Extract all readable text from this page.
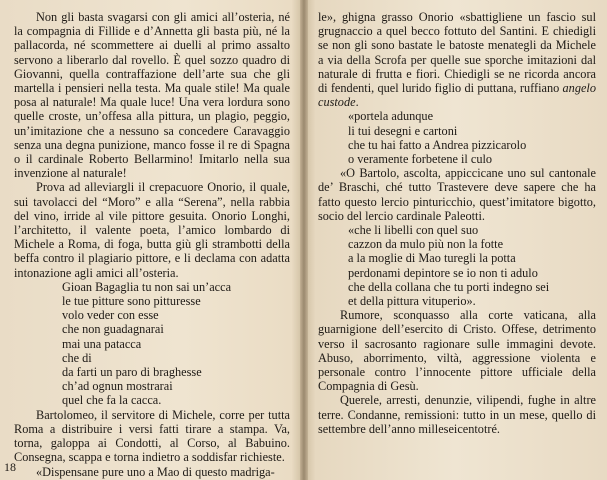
Non gli basta svagarsi con gli amici all’osteria, né la compagnia di Fillide e d’Annetta gli basta più, né la pallacorda, né scommettere ai duelli al primo assalto servono a liberarlo dal rovello. È quel sozzo quadro di Giovanni, quella contraffazione dell’arte sua che gli martella i pensieri nella testa. Ma quale stile! Ma quale posa al naturale! Ma quale luce! Una vera lordura sono quelle croste, un’offesa alla pittura, un plagio, peggio, un’imitazione che a nessuno sa concedere Caravaggio senza una degna punizione, manco fosse il re di Spagna o il cardinale Roberto Bellarmino! Imitarlo nella sua invenzione al naturale!

Prova ad alleviargli il crepacuore Onorio, il quale, sui tavolacci del “Moro” e alla “Serena”, nella rabbia del vino, irride al vile pittore gesuita. Onorio Longhi, l’architetto, il valente poeta, l’amico lombardo di Michele a Roma, di foga, butta giù gli strambotti della beffa contro il plagiario pittore, e li declama con adatta intonazione agli amici all’osteria.

Gioan Bagaglia tu non sai un’acca
le tue pitture sono pitturesse
volo veder con esse
che non guadagnarai
mai una patacca
che di
da farti un paro di braghesse
ch’ad ognun mostrarai
quel che fa la cacca.

Bartolomeo, il servitore di Michele, corre per tutta Roma a distribuire i versi fatti tirare a stampa. Va, torna, galoppa ai Condotti, al Corso, al Babuino. Consegna, scappa e torna indietro a soddisfar richieste.

«Dispensane pure uno a Mao di questo madriga-

18

le», ghigna grasso Onorio «sbattigliene un fascio sul grugnaccio a quel becco fottuto del Santini. E chiedigli se non gli sono bastate le batoste menategli da Michele a via della Scrofa per quelle sue sporche imitazioni dal naturale di frutta e fiori. Chiedigli se ne ricorda ancora di fendenti, quel lurido figlio di puttana, ruffiano angelo custode.

«portela adunque
li tui desegni e cartoni
che tu hai fatto a Andrea pizzicarolo
o veramente forbetene il culo

«O Bartolo, ascolta, appiccicane uno sul cantonale de’ Braschi, ché tutto Trastevere deve sapere che ha fatto questo lercio pinturicchio, quest’imitatore bigotto, socio del lercio cardinale Paleotti.

«che li libelli con quel suo
cazzon da mulo più non la fotte
a la moglie di Mao turegli la potta
perdonami depintore se io non ti adulo
che della collana che tu porti indegno sei
et della pittura vituperio».

Rumore, sconquasso alla corte vaticana, alla guarnigione dell’esercito di Cristo. Offese, detrimento verso il sacrosanto ragionare sulle immagini devote. Abuso, aborrimento, viltà, aggressione violenta e personale contro l’innocente pittore ufficiale della Compagnia di Gesù.

Querele, arresti, denunzie, vilipendi, fughe in altre terre. Condanne, remissioni: tutto in un mese, quello di settembre dell’anno milleseicentotré.
